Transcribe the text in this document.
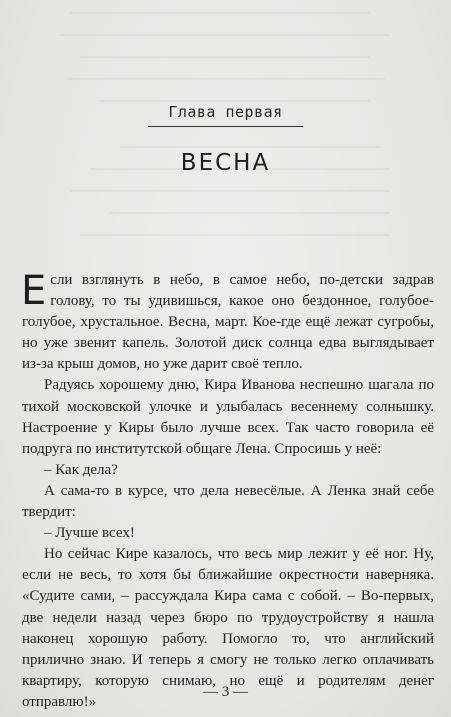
Глава первая
ВЕСНА

Если взглянуть в небо, в самое небо, по-детски задрав голову, то ты удивишься, какое оно бездонное, голубое-голубое, хрустальное. Весна, март. Кое-где ещё лежат сугробы, но уже звенит капель. Золотой диск солнца едва выглядывает из-за крыш домов, но уже дарит своё тепло.

Радуясь хорошему дню, Кира Иванова неспешно шагала по тихой московской улочке и улыбалась весеннему солнышку. Настроение у Киры было лучше всех. Так часто говорила её подруга по институтской общаге Лена. Спросишь у неё:

– Как дела?

А сама-то в курсе, что дела невесёлые. А Ленка знай себе твердит:

– Лучше всех!

Но сейчас Кире казалось, что весь мир лежит у её ног. Ну, если не весь, то хотя бы ближайшие окрестности наверняка. «Судите сами, – рассуждала Кира сама с собой. – Во-первых, две недели назад через бюро по трудоустройству я нашла наконец хорошую работу. Помогло то, что английский прилично знаю. И теперь я смогу не только легко оплачивать квартиру, которую снимаю, но ещё и родителям денег отправлю!»

— 3 —
